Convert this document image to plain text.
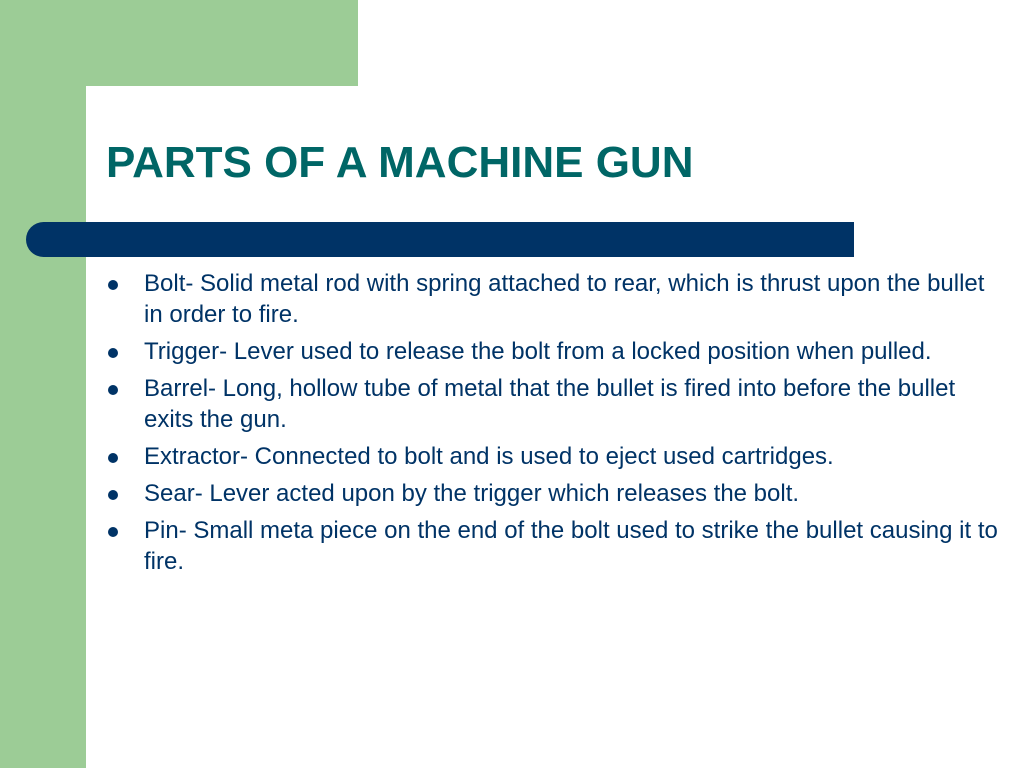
PARTS OF A MACHINE GUN
Bolt- Solid metal rod with spring attached to rear, which is thrust upon the bullet in order to fire.
Trigger- Lever used to release the bolt from a locked position when pulled.
Barrel- Long, hollow tube of metal that the bullet is fired into before the bullet exits the gun.
Extractor- Connected to bolt and is used to eject used cartridges.
Sear- Lever acted upon by the trigger which releases the bolt.
Pin- Small meta piece on the end of the bolt used to strike the bullet causing it to fire.
